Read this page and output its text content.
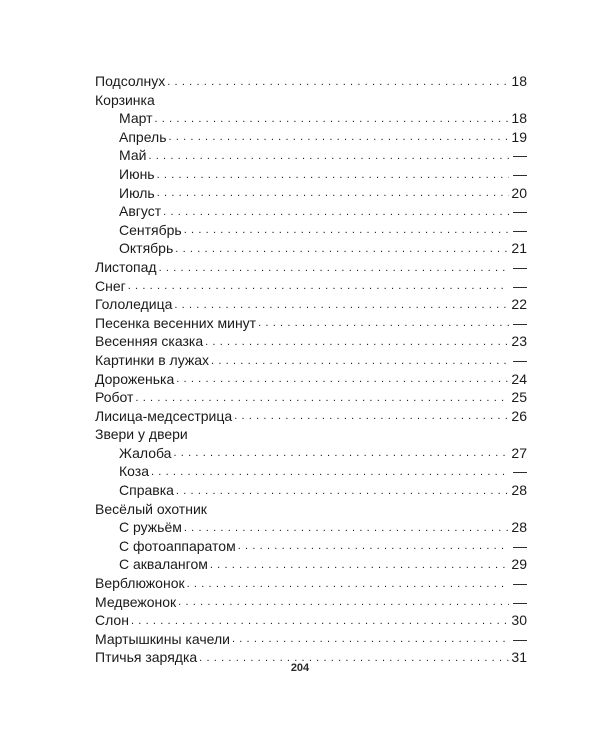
Подсолнух . . .	18
Корзинка
Март . . .	18
Апрель . . .	19
Май . . .	—
Июнь . . .	—
Июль . . .	20
Август . . .	—
Сентябрь . . .	—
Октябрь . . .	21
Листопад . . .	—
Снег . . .	—
Гололедица . . .	22
Песенка весенних минут . . .	—
Весенняя сказка . . .	23
Картинки в лужах . . .	—
Дороженька . . .	24
Робот . . .	25
Лисица-медсестрица . . .	26
Звери у двери
Жалоба . . .	27
Коза . . .	—
Справка . . .	28
Весёлый охотник
С ружьём . . .	28
С фотоаппаратом . . .	—
С аквалангом . . .	29
Верблюжонок . . .	—
Медвежонок . . .	—
Слон . . .	30
Мартышкины качели . . .	—
Птичья зарядка . . .	31
204
